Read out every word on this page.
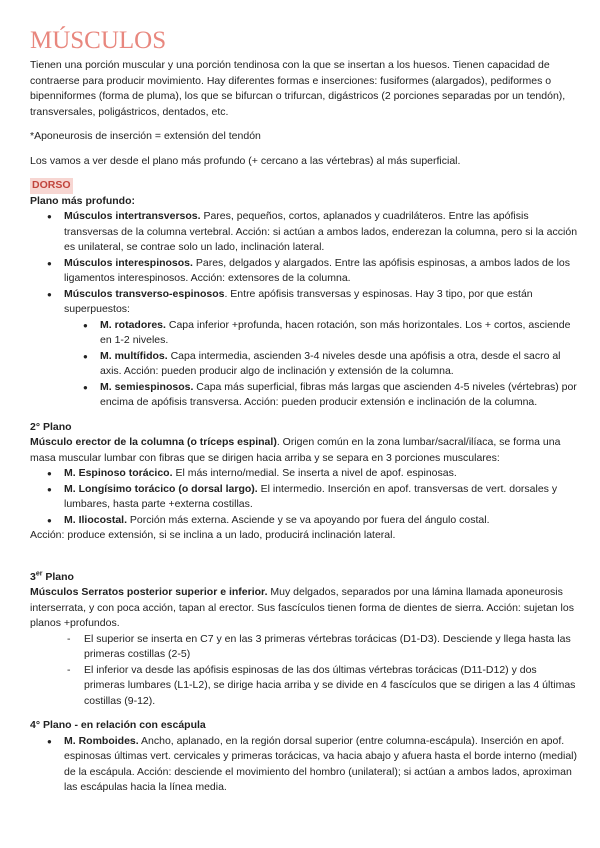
MÚSCULOS

Tienen una porción muscular y una porción tendinosa con la que se insertan a los huesos. Tienen capacidad de contraerse para producir movimiento. Hay diferentes formas e inserciones: fusiformes (alargados), pediformes o bipenniformes (forma de pluma), los que se bifurcan o trifurcan, digástricos (2 porciones separadas por un tendón), transversales, poligástricos, dentados, etc.

*Aponeurosis de inserción = extensión del tendón

Los vamos a ver desde el plano más profundo (+ cercano a las vértebras) al más superficial.

DORSO

Plano más profundo:

● Músculos intertransversos. Pares, pequeños, cortos, aplanados y cuadriláteros. Entre las apófisis transversas de la columna vertebral. Acción: si actúan a ambos lados, enderezan la columna, pero si la acción es unilateral, se contrae solo un lado, inclinación lateral.
● Músculos interespinosos. Pares, delgados y alargados. Entre las apófisis espinosas, a ambos lados de los ligamentos interespinosos. Acción: extensores de la columna.
● Músculos transverso-espinosos. Entre apófisis transversas y espinosas. Hay 3 tipo, por que están superpuestos:
● M. rotadores. Capa inferior +profunda, hacen rotación, son más horizontales. Los + cortos, asciende en 1-2 niveles.
● M. multífidos. Capa intermedia, ascienden 3-4 niveles desde una apófisis a otra, desde el sacro al axis. Acción: pueden producir algo de inclinación y extensión de la columna.
● M. semiespinosos. Capa más superficial, fibras más largas que ascienden 4-5 niveles (vértebras) por encima de apófisis transversa. Acción: pueden producir extensión e inclinación de la columna.

2° Plano

Músculo erector de la columna (o tríceps espinal). Origen común en la zona lumbar/sacral/ilíaca, se forma una masa muscular lumbar con fibras que se dirigen hacia arriba y se separa en 3 porciones musculares:

● M. Espinoso torácico. El más interno/medial. Se inserta a nivel de apof. espinosas.
● M. Longísimo torácico (o dorsal largo). El intermedio. Inserción en apof. transversas de vert. dorsales y lumbares, hasta parte +externa costillas.
● M. Iliocostal. Porción más externa. Asciende y se va apoyando por fuera del ángulo costal.

Acción: produce extensión, si se inclina a un lado, producirá inclinación lateral.

3er Plano

Músculos Serratos posterior superior e inferior. Muy delgados, separados por una lámina llamada aponeurosis interserrata, y con poca acción, tapan al erector. Sus fascículos tienen forma de dientes de sierra. Acción: sujetan los planos +profundos.

- El superior se inserta en C7 y en las 3 primeras vértebras torácicas (D1-D3). Desciende y llega hasta las primeras costillas (2-5)
- El inferior va desde las apófisis espinosas de las dos últimas vértebras torácicas (D11-D12) y dos primeras lumbares (L1-L2), se dirige hacia arriba y se divide en 4 fascículos que se dirigen a las 4 últimas costillas (9-12).

4° Plano - en relación con escápula

● M. Romboides. Ancho, aplanado, en la región dorsal superior (entre columna-escápula). Inserción en apof. espinosas últimas vert. cervicales y primeras torácicas, va hacia abajo y afuera hasta el borde interno (medial) de la escápula. Acción: desciende el movimiento del hombro (unilateral); si actúan a ambos lados, aproximan las escápulas hacia la línea media.
